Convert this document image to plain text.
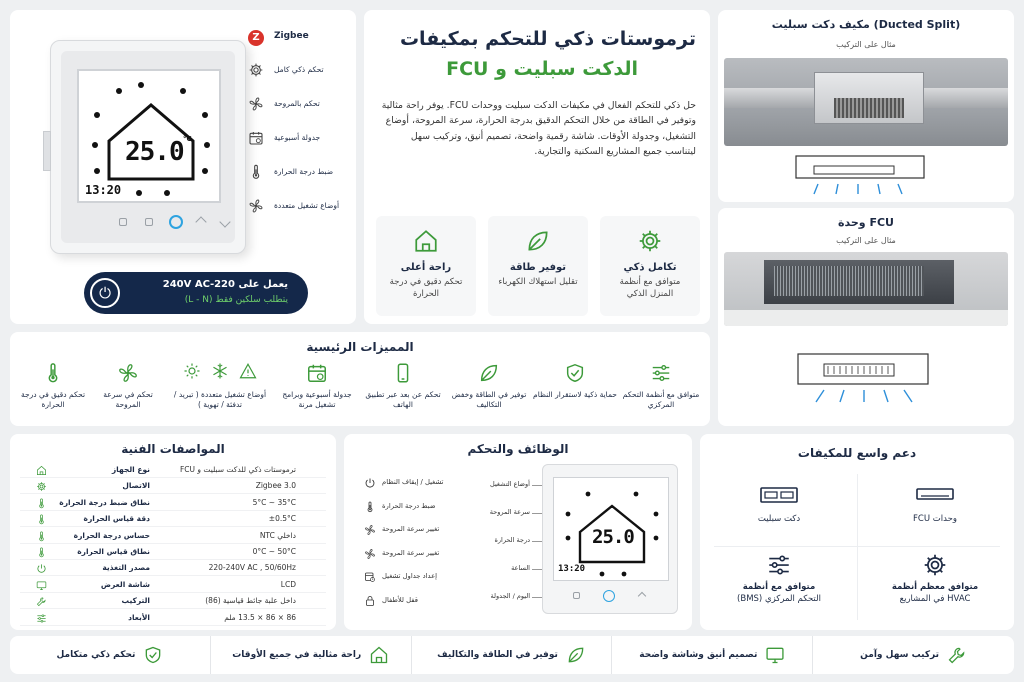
25.0 °C
13:20
Z	Zigbee
تحكم ذكي كامل
تحكم بالمروحة
جدولة أسبوعية
ضبط درجة الحرارة
أوضاع تشغيل متعددة
⏻	يعمل على 220-240V AC
يتطلب سلكين فقط (L - N)
ترموستات ذكي للتحكم بمكيفات
الدكت سبليت و FCU
حل ذكي للتحكم الفعال في مكيفات الدكت سبليت ووحدات FCU. يوفر راحة مثالية وتوفير في الطاقة من خلال التحكم الدقيق بدرجة الحرارة، سرعة المروحة، أوضاع التشغيل، وجدولة الأوقات. شاشة رقمية واضحة، تصميم أنيق، وتركيب سهل ليتناسب جميع المشاريع السكنية والتجارية.
تكامل ذكي
متوافق مع أنظمة المنزل الذكي
توفير طاقة
تقليل استهلاك الكهرباء
راحة أعلى
تحكم دقيق في درجة الحرارة
مكيف دكت سبليت (Ducted Split)
مثال على التركيب
وحدة FCU
مثال على التركيب
المميزات الرئيسية
متوافق مع أنظمة التحكم المركزي
حماية ذكية لاستقرار النظام
توفير في الطاقة وخفض التكاليف
تحكم عن بعد عبر تطبيق الهاتف
جدولة أسبوعية وبرامج تشغيل مرنة
أوضاع تشغيل متعددة ( تبريد / تدفئة / تهوية )
تحكم في سرعة المروحة
تحكم دقيق في درجة الحرارة
المواصفات الفنية
نوع الجهاز	ترموستات ذكي للدكت سبليت و FCU
الاتصال	Zigbee 3.0
نطاق ضبط درجة الحرارة	5°C ~ 35°C
دقة قياس الحرارة	±0.5°C
حساس درجة الحرارة	داخلي NTC
نطاق قياس الحرارة	0°C ~ 50°C
مصدر التغذية	220-240V AC , 50/60Hz
شاشة العرض	LCD
التركيب	داخل علبة جائط قياسية (86)
الأبعاد	86 × 86 × 13.5 ملم
الوظائف والتحكم
تشغيل / إيقاف النظام
ضبط درجة الحرارة
تغيير سرعة المروحة
تغيير سرعة المروحة
إعداد جداول تشغيل
قفل للأطفال
أوضاع التشغيل
سرعة المروحة
درجة الحرارة
الساعة
اليوم / الجدولة
25.0
13:20
دعم واسع للمكيفات
وحدات FCU
دكت سبليت
متوافق معظم أنظمة
HVAC في المشاريع
متوافق مع أنظمة
التحكم المركزي (BMS)
تركيب سهل وآمن
تصميم أنيق وشاشة واضحة
توفير في الطاقة والتكاليف
راحة مثالية في جميع الأوقات
تحكم ذكي متكامل
